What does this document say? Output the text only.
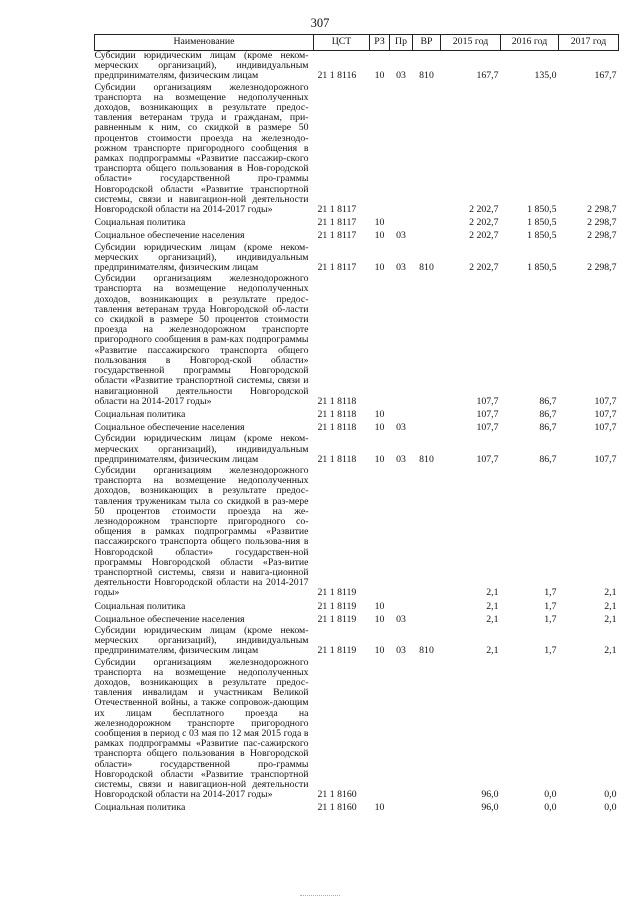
307
Наименование	ЦСТ	РЗ	Пр	ВР	2015 год	2016 год	2017 год
Субсидии юридическим лицам (кроме неком-мерческих организаций), индивидуальным предпринимателям, физическим лицам	21 1 8116	10	03	810	167,7	135,0	167,7
Субсидии организациям железнодорожного транспорта на возмещение недополученных доходов, возникающих в результате предос-тавления ветеранам труда и гражданам, при-равненным к ним, со скидкой в размере 50 процентов стоимости проезда на железнодо-рожном транспорте пригородного сообщения в рамках подпрограммы «Развитие пассажир-ского транспорта общего пользования в Нов-городской области» государственной про-граммы Новгородской области «Развитие транспортной системы, связи и навигацион-ной деятельности Новгородской области на 2014-2017 годы»	21 1 8117				2 202,7	1 850,5	2 298,7
Социальная политика	21 1 8117	10			2 202,7	1 850,5	2 298,7
Социальное обеспечение населения	21 1 8117	10	03		2 202,7	1 850,5	2 298,7
Субсидии юридическим лицам (кроме неком-мерческих организаций), индивидуальным предпринимателям, физическим лицам	21 1 8117	10	03	810	2 202,7	1 850,5	2 298,7
Субсидии организациям железнодорожного транспорта на возмещение недополученных доходов, возникающих в результате предос-тавления ветеранам труда Новгородской об-ласти со скидкой в размере 50 процентов стоимости проезда на железнодорожном транспорте пригородного сообщения в рам-ках подпрограммы «Развитие пассажирского транспорта общего пользования в Новгород-ской области» государственной программы Новгородской области «Развитие транспортной системы, связи и навигационной деятельности Новгородской области на 2014-2017 годы»	21 1 8118				107,7	86,7	107,7
Социальная политика	21 1 8118	10			107,7	86,7	107,7
Социальное обеспечение населения	21 1 8118	10	03		107,7	86,7	107,7
Субсидии юридическим лицам (кроме неком-мерческих организаций), индивидуальным предпринимателям, физическим лицам	21 1 8118	10	03	810	107,7	86,7	107,7
Субсидии организациям железнодорожного транспорта на возмещение недополученных доходов, возникающих в результате предос-тавления труженикам тыла со скидкой в раз-мере 50 процентов стоимости проезда на же-лезнодорожном транспорте пригородного со-общения в рамках подпрограммы «Развитие пассажирского транспорта общего пользова-ния в Новгородской области» государствен-ной программы Новгородской области «Раз-витие транспортной системы, связи и навига-ционной деятельности Новгородской области на 2014-2017 годы»	21 1 8119				2,1	1,7	2,1
Социальная политика	21 1 8119	10			2,1	1,7	2,1
Социальное обеспечение населения	21 1 8119	10	03		2,1	1,7	2,1
Субсидии юридическим лицам (кроме неком-мерческих организаций), индивидуальным предпринимателям, физическим лицам	21 1 8119	10	03	810	2,1	1,7	2,1
Субсидии организациям железнодорожного транспорта на возмещение недополученных доходов, возникающих в результате предос-тавления инвалидам и участникам Великой Отечественной войны, а также сопровож-дающим их лицам бесплатного проезда на железнодорожном транспорте пригородного сообщения в период с 03 мая по 12 мая 2015 года в рамках подпрограммы «Развитие пас-сажирского транспорта общего пользования в Новгородской области» государственной про-граммы Новгородской области «Развитие транспортной системы, связи и навигацион-ной деятельности Новгородской области на 2014-2017 годы»	21 1 8160				96,0	0,0	0,0
Социальная политика	21 1 8160	10			96,0	0,0	0,0
